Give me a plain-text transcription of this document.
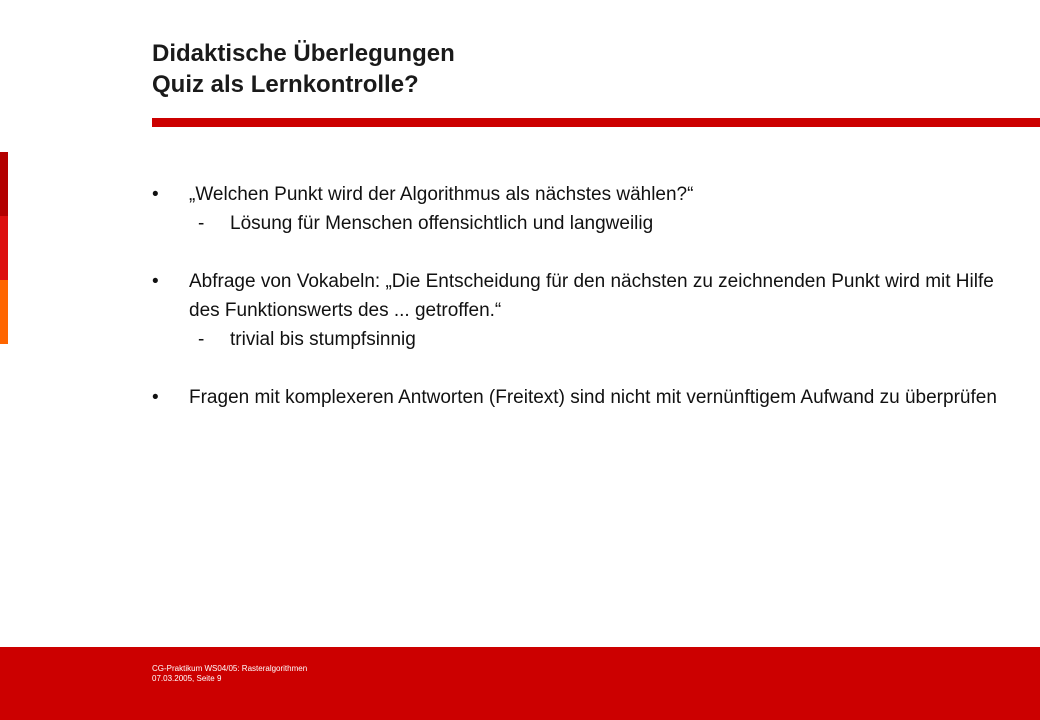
Didaktische Überlegungen
Quiz als Lernkontrolle?
• „Welchen Punkt wird der Algorithmus als nächstes wählen?“
- Lösung für Menschen offensichtlich und langweilig
• Abfrage von Vokabeln: „Die Entscheidung für den nächsten zu zeichnenden Punkt wird mit Hilfe des Funktionswerts des ... getroffen.“
- trivial bis stumpfsinnig
• Fragen mit komplexeren Antworten (Freitext) sind nicht mit vernünftigem Aufwand zu überprüfen
CG-Praktikum WS04/05: Rasteralgorithmen
07.03.2005, Seite 9
